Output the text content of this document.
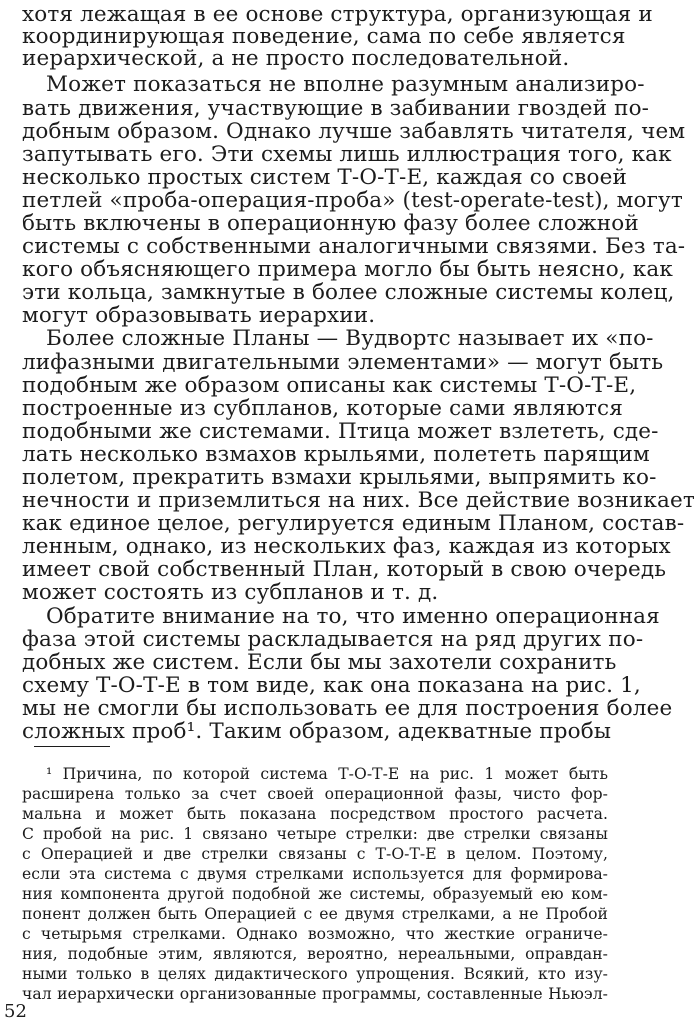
хотя лежащая в ее основе структура, организующая и
координирующая поведение, сама по себе является
иерархической, а не просто последовательной.
Может показаться не вполне разумным анализиро-
вать движения, участвующие в забивании гвоздей по-
добным образом. Однако лучше забавлять читателя, чем
запутывать его. Эти схемы лишь иллюстрация того, как
несколько простых систем Т-О-Т-Е, каждая со своей
петлей «проба-операция-проба» (test-operate-test), могут
быть включены в операционную фазу более сложной
системы с собственными аналогичными связями. Без та-
кого объясняющего примера могло бы быть неясно, как
эти кольца, замкнутые в более сложные системы колец,
могут образовывать иерархии.
Более сложные Планы — Вудвортс называет их «по-
лифазными двигательными элементами» — могут быть
подобным же образом описаны как системы Т-О-Т-Е,
построенные из субпланов, которые сами являются
подобными же системами. Птица может взлететь, сде-
лать несколько взмахов крыльями, полететь парящим
полетом, прекратить взмахи крыльями, выпрямить ко-
нечности и приземлиться на них. Все действие возникает
как единое целое, регулируется единым Планом, состав-
ленным, однако, из нескольких фаз, каждая из которых
имеет свой собственный План, который в свою очередь
может состоять из субпланов и т. д.
Обратите внимание на то, что именно операционная
фаза этой системы раскладывается на ряд других по-
добных же систем. Если бы мы захотели сохранить
схему Т-О-Т-Е в том виде, как она показана на рис. 1,
мы не смогли бы использовать ее для построения более
сложных проб¹. Таким образом, адекватные пробы
¹ Причина, по которой система Т-О-Т-Е на рис. 1 может быть
расширена только за счет своей операционной фазы, чисто фор-
мальна и может быть показана посредством простого расчета.
С пробой на рис. 1 связано четыре стрелки: две стрелки связаны
с Операцией и две стрелки связаны с Т-О-Т-Е в целом. Поэтому,
если эта система с двумя стрелками используется для формирова-
ния компонента другой подобной же системы, образуемый ею ком-
понент должен быть Операцией с ее двумя стрелками, а не Пробой
с четырьмя стрелками. Однако возможно, что жесткие ограниче-
ния, подобные этим, являются, вероятно, нереальными, оправдан-
ными только в целях дидактического упрощения. Всякий, кто изу-
чал иерархически организованные программы, составленные Ньюэл-
52
